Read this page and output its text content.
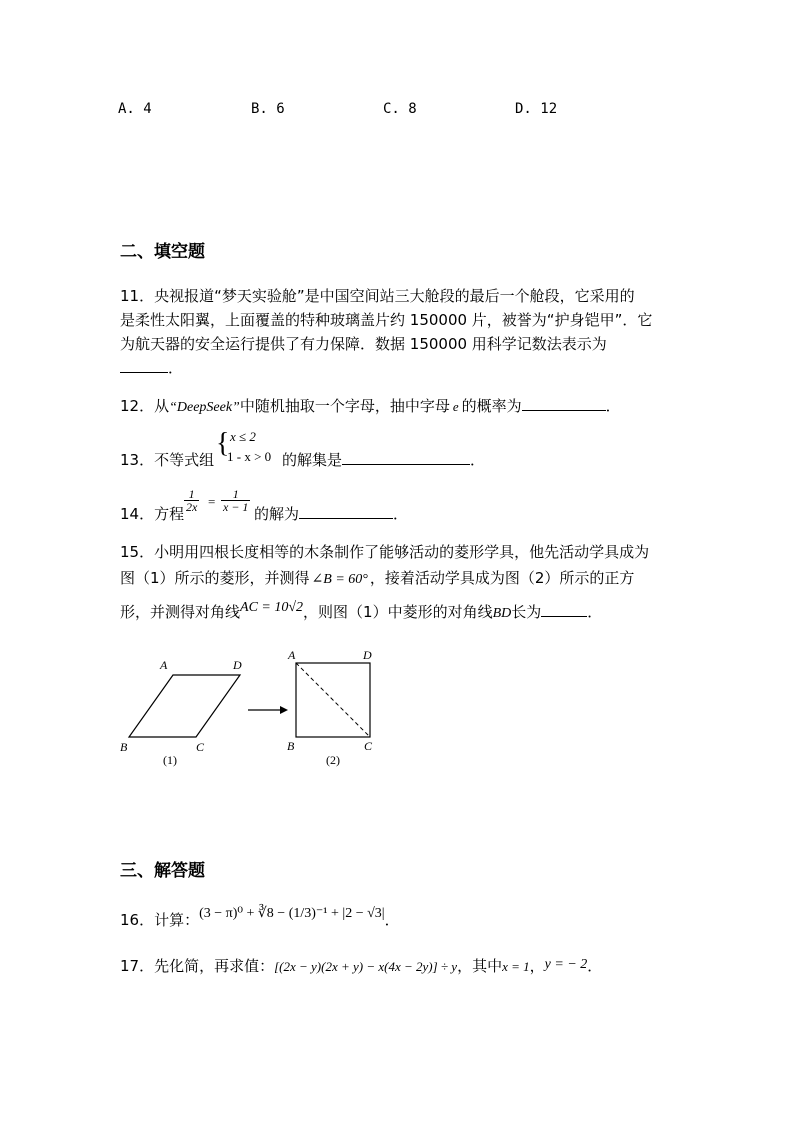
A. 4	B. 6	C. 8	D. 12
二、填空题
11．央视报道“梦天实验舱”是中国空间站三大舱段的最后一个舱段，它采用的
是柔性太阳翼，上面覆盖的特种玻璃盖片约 150000 片，被誉为“护身铠甲”．它
为航天器的安全运行提供了有力保障．数据 150000 用科学记数法表示为
．
12．从“DeepSeek”中随机抽取一个字母，抽中字母 e 的概率为	．
13．不等式组
{ x ≤ 2
1 - x > 0 的解集是	．
14．方程
$\frac{1}{2x} = \frac{1}{x - 1}$
的解为	．
15．小明用四根长度相等的木条制作了能够活动的菱形学具，他先活动学具成为
图（1）所示的菱形，并测得 ∠B = 60° ，接着活动学具成为图（2）所示的正方
形，并测得对角线AC = 10√2，则图（1）中菱形的对角线BD长为	．
A	D
B	C
(1)
A	D
B	C
(2)
三、解答题
16．计算：(3 − π)⁰ + ∛8 − (1/3)⁻¹ + |2 − √3|．
17．先化简，再求值：[(2x − y)(2x + y) − x(4x − 2y)] ÷ y，其中x = 1，y = − 2．
